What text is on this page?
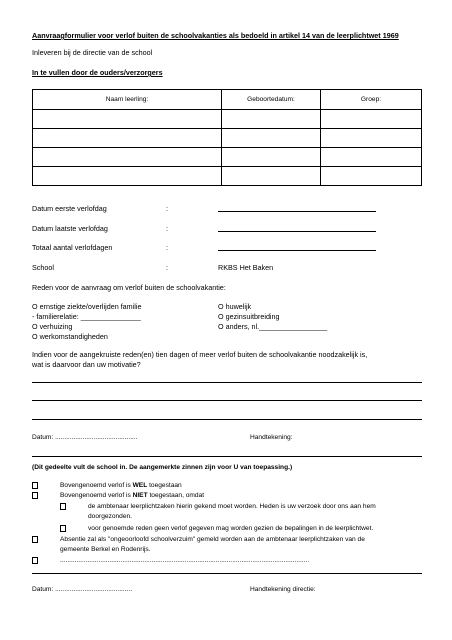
Aanvraagformulier voor verlof buiten de schoolvakanties als bedoeld in artikel 14 van de leerplichtwet 1969
Inleveren bij de directie van de school
In te vullen door de ouders/verzorgers
Naam leerling:	Geboortedatum:	Groep:

Datum eerste verlofdag	:
Datum laatste verlofdag	:
Totaal aantal verlofdagen	:
School	:	RKBS Het Baken
Reden voor de aanvraag om verlof buiten de schoolvakantie:
O ernstige ziekte/overlijden familie
- familierelatie: _______________
O verhuizing
O werkomstandigheden
O huwelijk
O gezinsuitbreiding
O anders, nl._________________
Indien voor de aangekruiste reden(en) tien dagen of meer verlof buiten de schoolvakantie noodzakelijk is,
wat is daarvoor dan uw motivatie?
Datum: .............................................	Handtekening:
(Dit gedeelte vult de school in. De aangemerkte zinnen zijn voor U van toepassing.)
Bovengenoemd verlof is WEL toegestaan
Bovengenoemd verlof is NIET toegestaan, omdat
de ambtenaar leerplichtzaken hierin gekend moet worden. Heden is uw verzoek door ons aan hem
doorgezonden.
voor genoemde reden geen verlof gegeven mag worden gezien de bepalingen in de leerplichtwet.
Absentie zal als "ongeoorloofd schoolverzuim" gemeld worden aan de ambtenaar leerplichtzaken van de
gemeente Berkel en Rodenrijs.
........................................................................................................................................
Datum: ..........................................	Handtekening directie:
